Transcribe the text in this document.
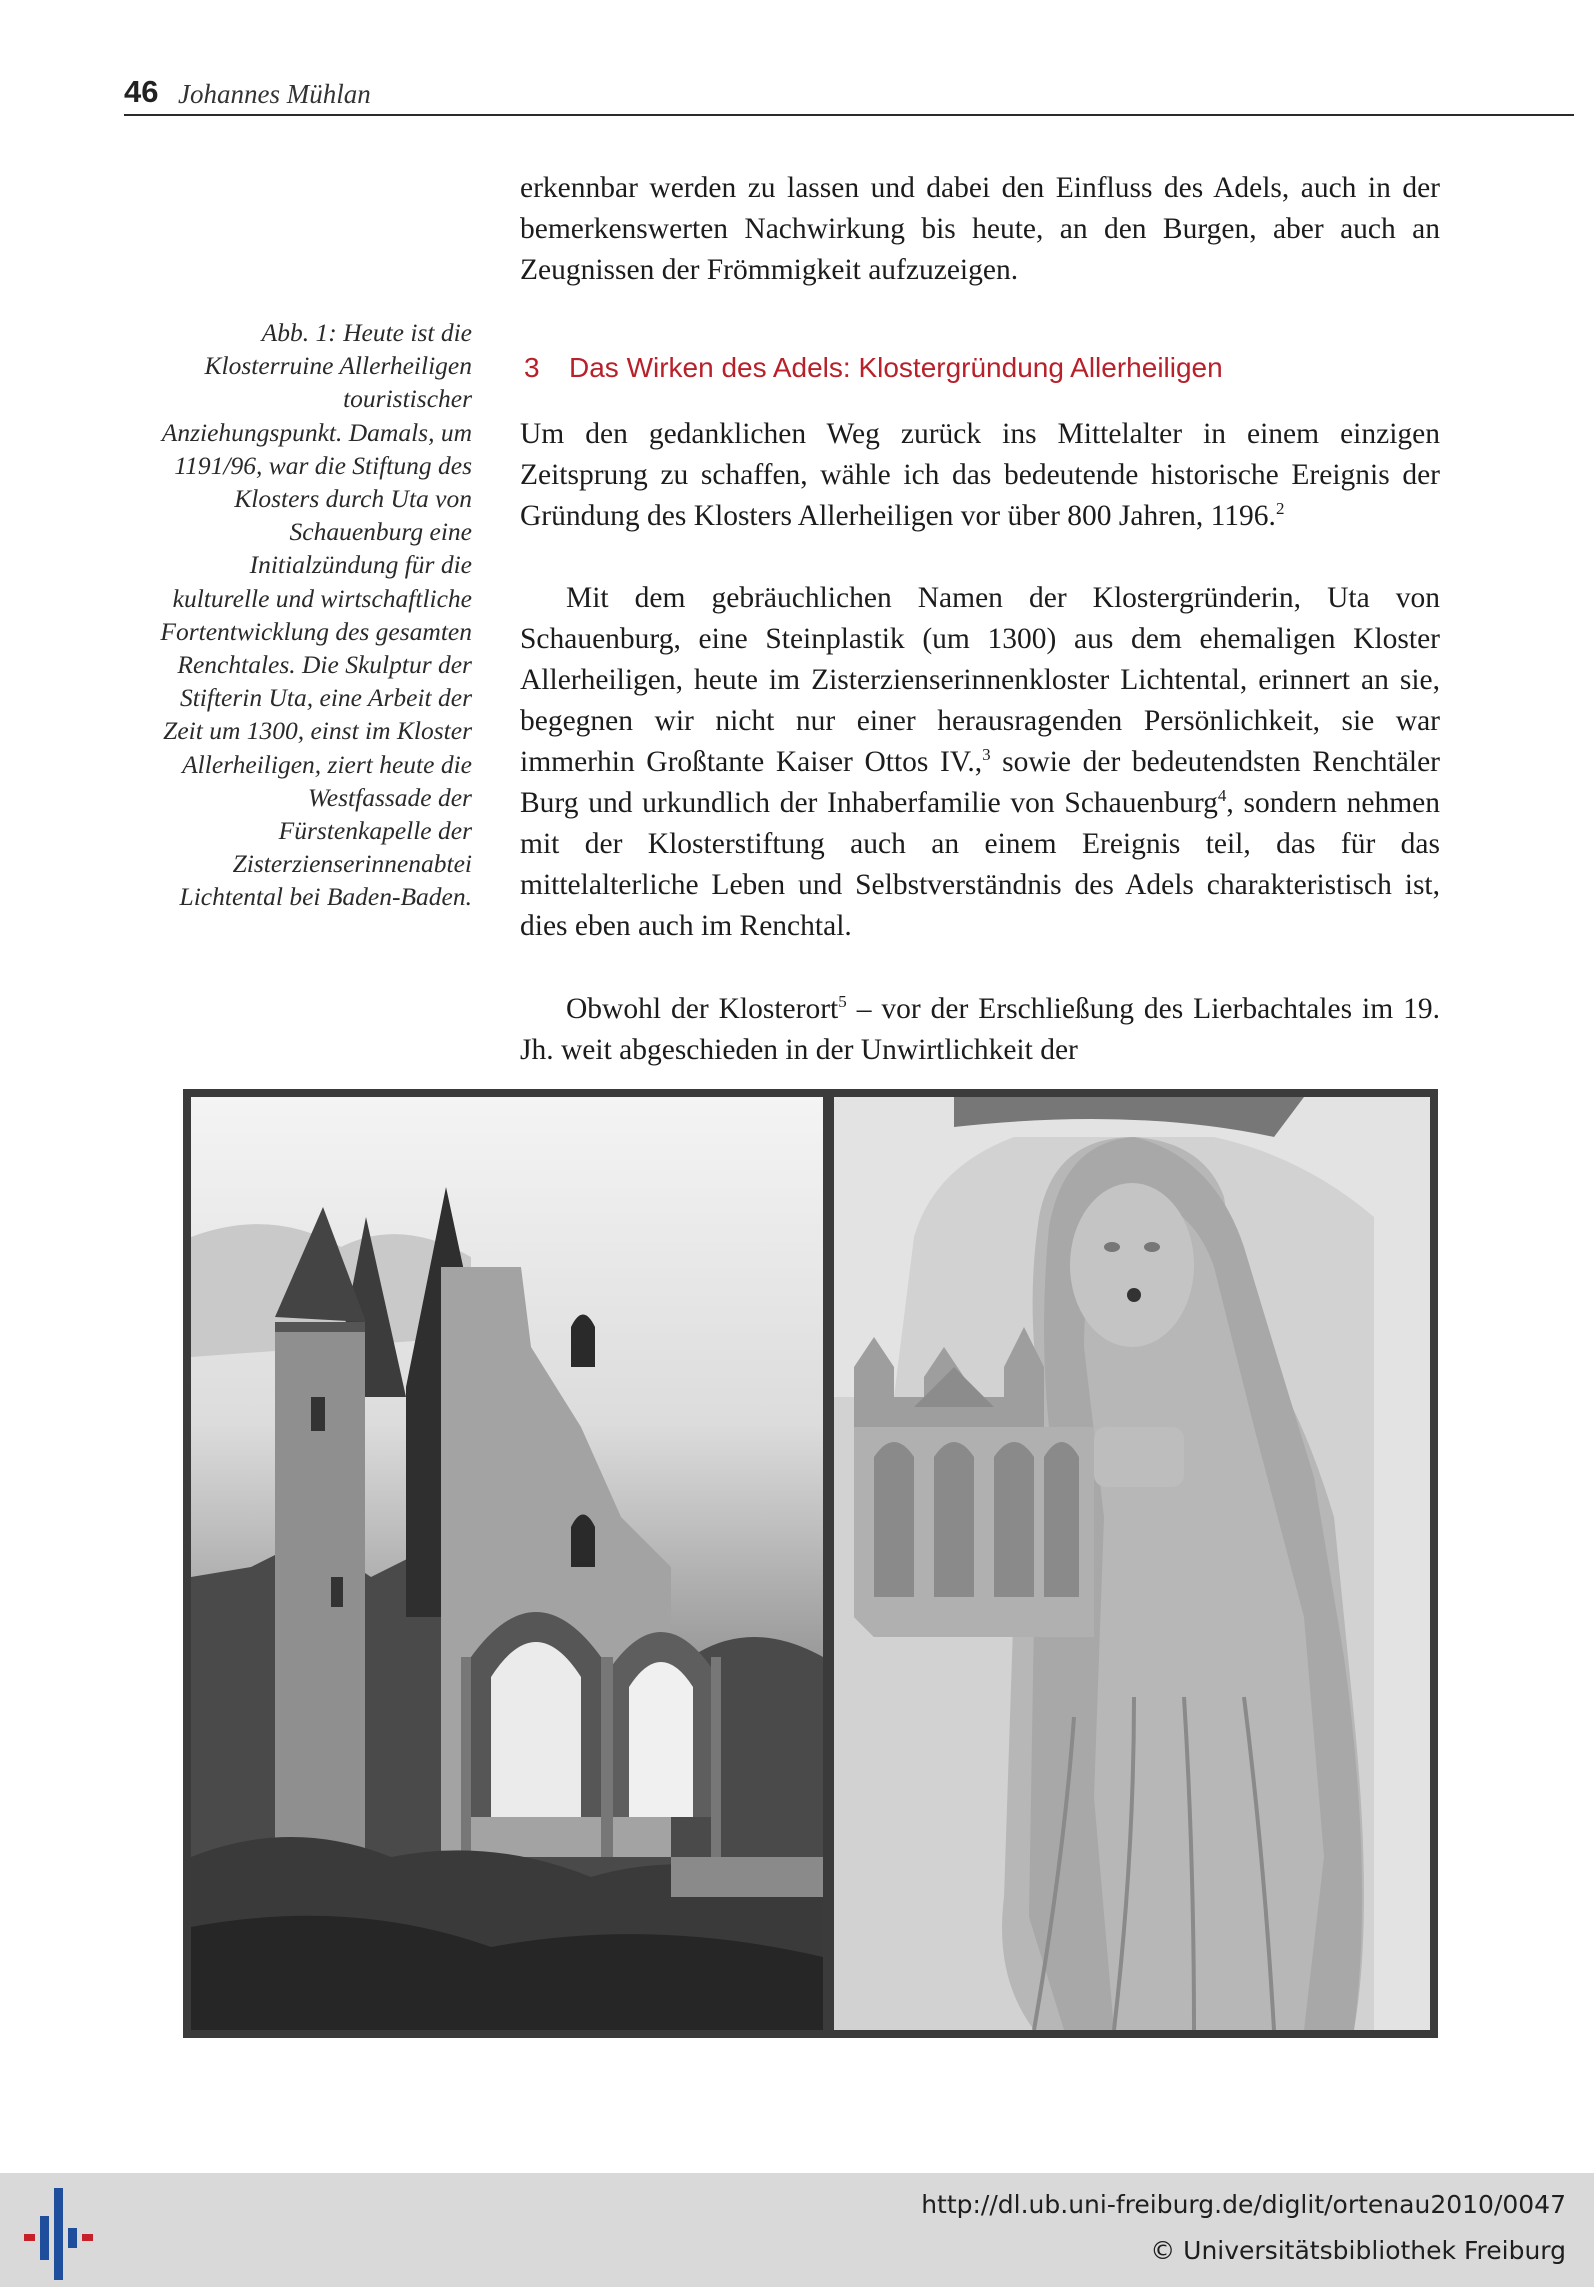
46 Johannes Mühlan

erkennbar werden zu lassen und dabei den Einfluss des Adels, auch in der bemerkenswerten Nachwirkung bis heute, an den Burgen, aber auch an Zeugnissen der Frömmigkeit aufzuzeigen.

3 Das Wirken des Adels: Klostergründung Allerheiligen

Um den gedanklichen Weg zurück ins Mittelalter in einem einzigen Zeitsprung zu schaffen, wähle ich das bedeutende historische Ereignis der Gründung des Klosters Allerheiligen vor über 800 Jahren, 1196.$^2$

Mit dem gebräuchlichen Namen der Klostergründerin, Uta von Schauenburg, eine Steinplastik (um 1300) aus dem ehemaligen Kloster Allerheiligen, heute im Zisterzienserinnenkloster Lichtental, erinnert an sie, begegnen wir nicht nur einer herausragenden Persönlichkeit, sie war immerhin Großtante Kaiser Ottos IV.,$^3$ sowie der bedeutendsten Renchtäler Burg und urkundlich der Inhaberfamilie von Schauenburg$^4$, sondern nehmen mit der Klosterstiftung auch an einem Ereignis teil, das für das mittelalterliche Leben und Selbstverständnis des Adels charakteristisch ist, dies eben auch im Renchtal.

Obwohl der Klosterort$^5$ – vor der Erschließung des Lierbachtales im 19. Jh. weit abgeschieden in der Unwirtlichkeit der

Abb. 1: Heute ist die Klosterruine Allerheiligen touristischer Anziehungspunkt. Damals, um 1191/96, war die Stiftung des Klosters durch Uta von Schauenburg eine Initialzündung für die kulturelle und wirtschaftliche Fortentwicklung des gesamten Renchtales. Die Skulptur der Stifterin Uta, eine Arbeit der Zeit um 1300, einst im Kloster Allerheiligen, ziert heute die Westfassade der Fürstenkapelle der Zisterzienserinnenabtei Lichtental bei Baden-Baden.
http://dl.ub.uni-freiburg.de/diglit/ortenau2010/0047
© Universitätsbibliothek Freiburg
